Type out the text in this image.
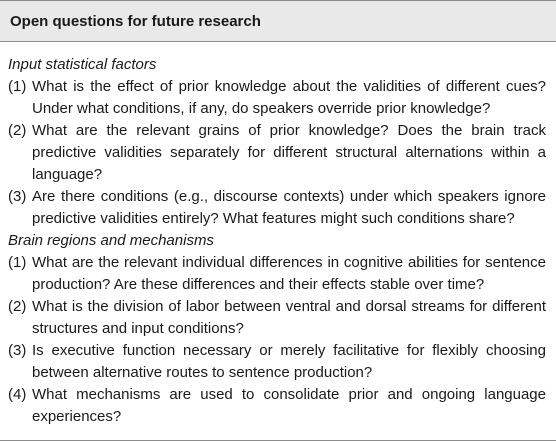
Open questions for future research

Input statistical factors

(1) What is the effect of prior knowledge about the validities of different cues? Under what conditions, if any, do speakers override prior knowledge?
(2) What are the relevant grains of prior knowledge? Does the brain track predictive validities separately for different structural alternations within a language?
(3) Are there conditions (e.g., discourse contexts) under which speakers ignore predictive validities entirely? What features might such conditions share?

Brain regions and mechanisms

(1) What are the relevant individual differences in cognitive abilities for sentence production? Are these differences and their effects stable over time?
(2) What is the division of labor between ventral and dorsal streams for different structures and input conditions?
(3) Is executive function necessary or merely facilitative for flexibly choosing between alternative routes to sentence production?
(4) What mechanisms are used to consolidate prior and ongoing language experiences?
